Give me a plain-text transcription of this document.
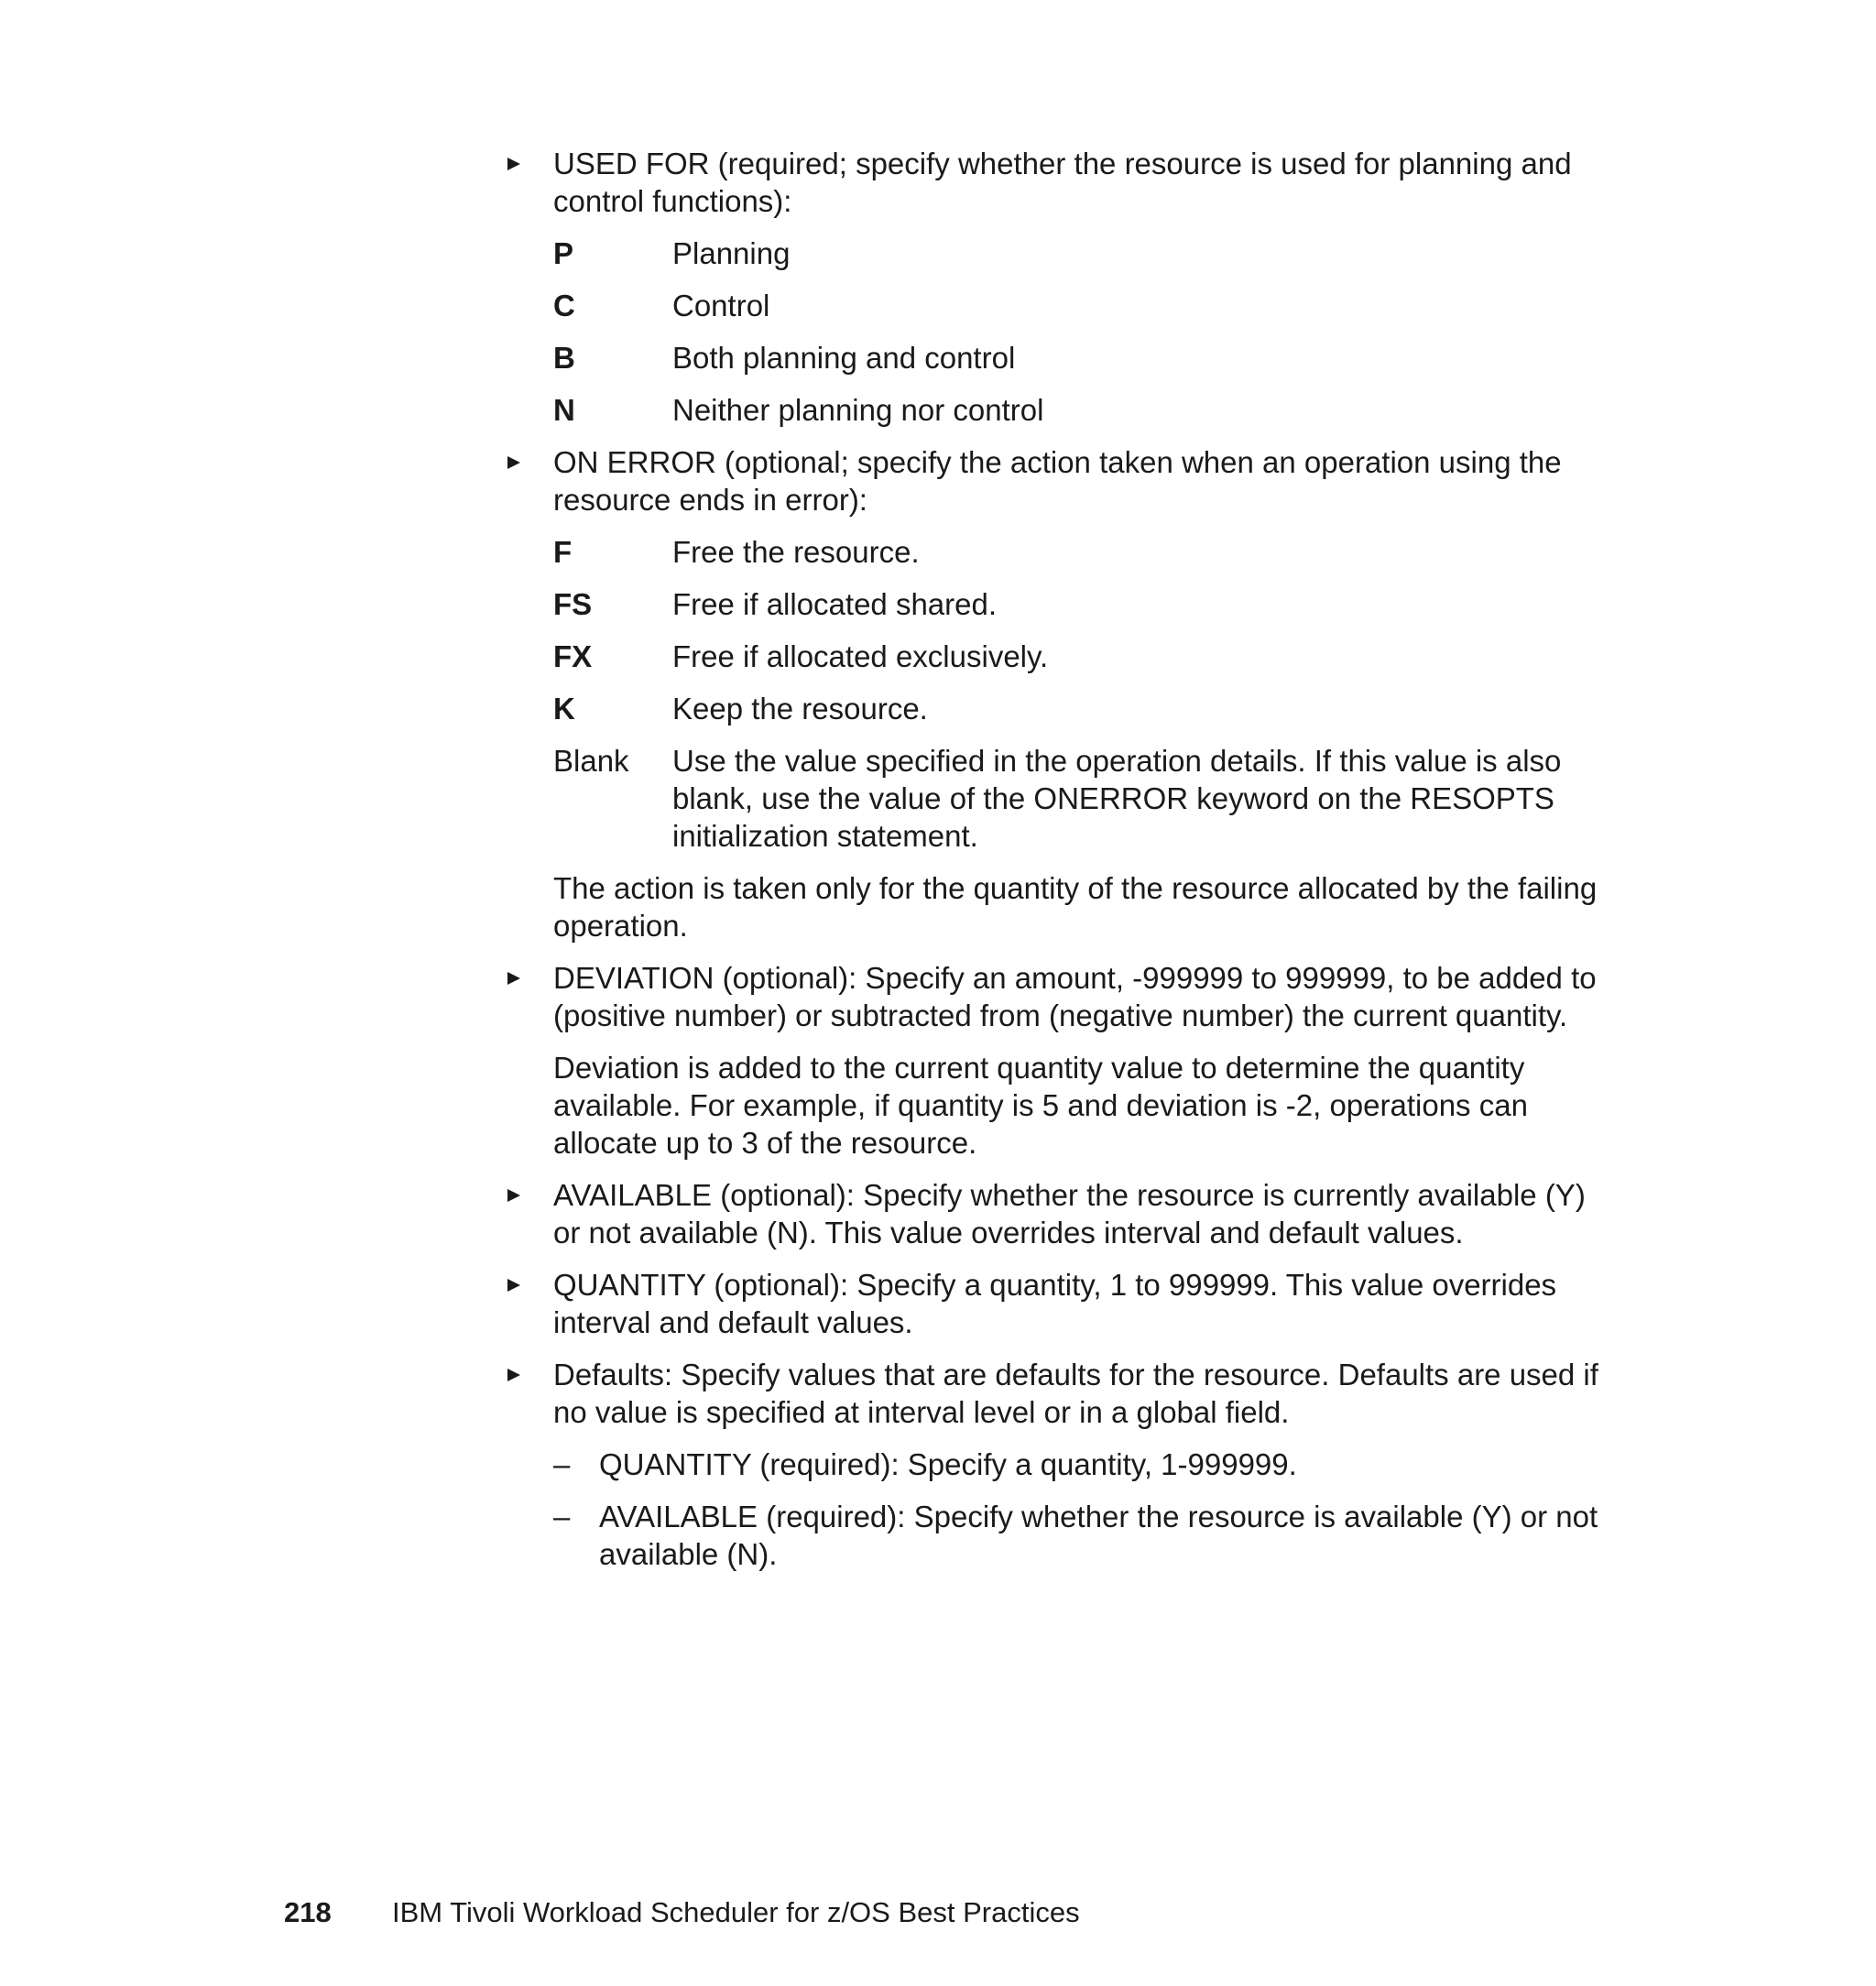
USED FOR (required; specify whether the resource is used for planning and control functions):

P	Planning
C	Control
B	Both planning and control
N	Neither planning nor control

ON ERROR (optional; specify the action taken when an operation using the resource ends in error):

F	Free the resource.
FS	Free if allocated shared.
FX	Free if allocated exclusively.
K	Keep the resource.
Blank	Use the value specified in the operation details. If this value is also blank, use the value of the ONERROR keyword on the RESOPTS initialization statement.

The action is taken only for the quantity of the resource allocated by the failing operation.

DEVIATION (optional): Specify an amount, -999999 to 999999, to be added to (positive number) or subtracted from (negative number) the current quantity.

Deviation is added to the current quantity value to determine the quantity available. For example, if quantity is 5 and deviation is -2, operations can allocate up to 3 of the resource.

AVAILABLE (optional): Specify whether the resource is currently available (Y) or not available (N). This value overrides interval and default values.

QUANTITY (optional): Specify a quantity, 1 to 999999. This value overrides interval and default values.

Defaults: Specify values that are defaults for the resource. Defaults are used if no value is specified at interval level or in a global field.

– QUANTITY (required): Specify a quantity, 1-999999.
– AVAILABLE (required): Specify whether the resource is available (Y) or not available (N).
218	IBM Tivoli Workload Scheduler for z/OS Best Practices
